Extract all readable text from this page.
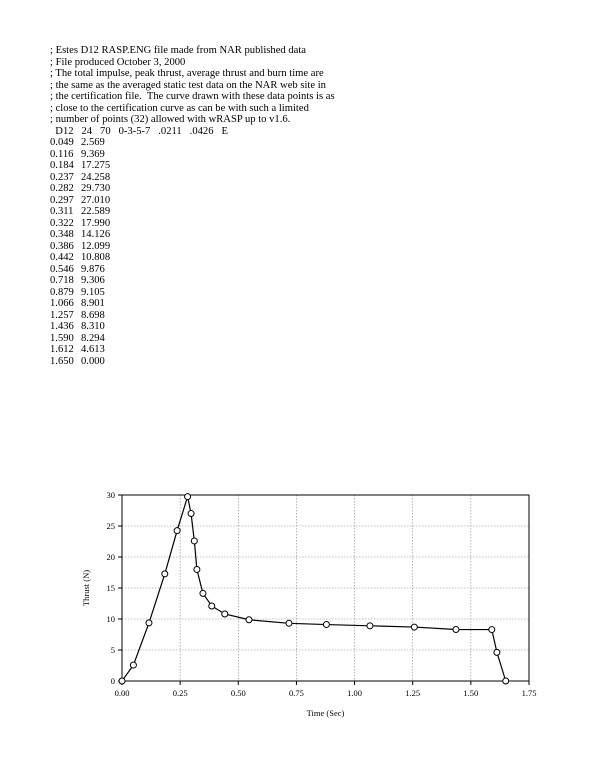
; Estes D12 RASP.ENG file made from NAR published data
; File produced October 3, 2000
; The total impulse, peak thrust, average thrust and burn time are
; the same as the averaged static test data on the NAR web site in
; the certification file.  The curve drawn with these data points is as
; close to the certification curve as can be with such a limited
; number of points (32) allowed with wRASP up to v1.6.
D12   24   70   0-3-5-7   .0211   .0426   E
0.049 2.569
0.116 9.369
0.184 17.275
0.237 24.258
0.282 29.730
0.297 27.010
0.311 22.589
0.322 17.990
0.348 14.126
0.386 12.099
0.442 10.808
0.546 9.876
0.718 9.306
0.879 9.105
1.066 8.901
1.257 8.698
1.436 8.310
1.590 8.294
1.612 4.613
1.650 0.000
0
5
10
15
20
25
30
0.00	0.25	0.50	0.75	1.00	1.25	1.50	1.75
Time (Sec)
Thrust (N)
